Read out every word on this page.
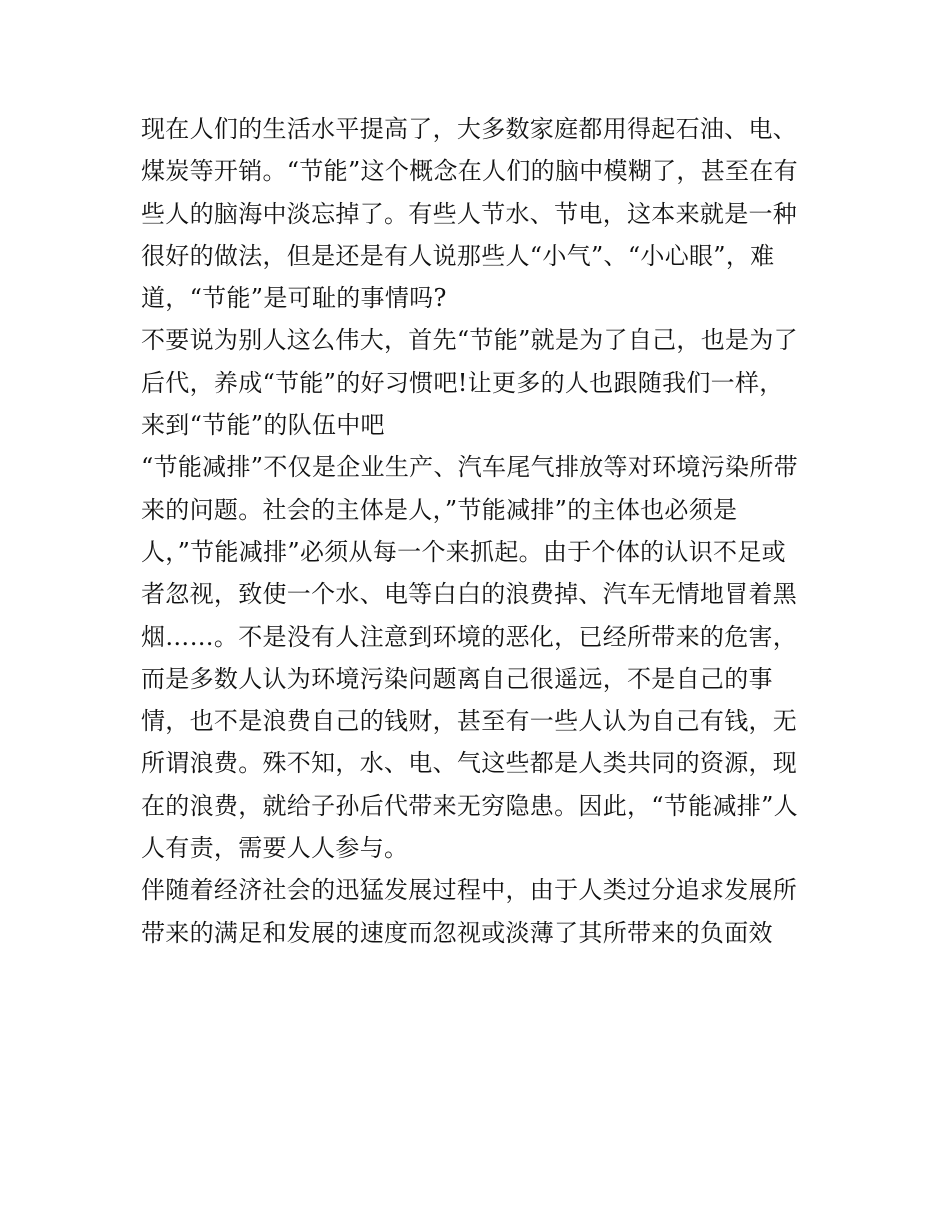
现在人们的生活水平提高了，大多数家庭都用得起石油、电、
煤炭等开销。“节能”这个概念在人们的脑中模糊了，甚至在有
些人的脑海中淡忘掉了。有些人节水、节电，这本来就是一种
很好的做法，但是还是有人说那些人“小气”、“小心眼”，难
道，“节能”是可耻的事情吗?
不要说为别人这么伟大，首先“节能”就是为了自己，也是为了
后代，养成“节能”的好习惯吧!让更多的人也跟随我们一样，
来到“节能”的队伍中吧
“节能减排”不仅是企业生产、汽车尾气排放等对环境污染所带
来的问题。社会的主体是人，”节能减排”的主体也必须是
人，”节能减排”必须从每一个来抓起。由于个体的认识不足或
者忽视，致使一个水、电等白白的浪费掉、汽车无情地冒着黑
烟……。不是没有人注意到环境的恶化，已经所带来的危害，
而是多数人认为环境污染问题离自己很遥远，不是自己的事
情，也不是浪费自己的钱财，甚至有一些人认为自己有钱，无
所谓浪费。殊不知，水、电、气这些都是人类共同的资源，现
在的浪费，就给子孙后代带来无穷隐患。因此，“节能减排”人
人有责，需要人人参与。
伴随着经济社会的迅猛发展过程中，由于人类过分追求发展所
带来的满足和发展的速度而忽视或淡薄了其所带来的负面效
